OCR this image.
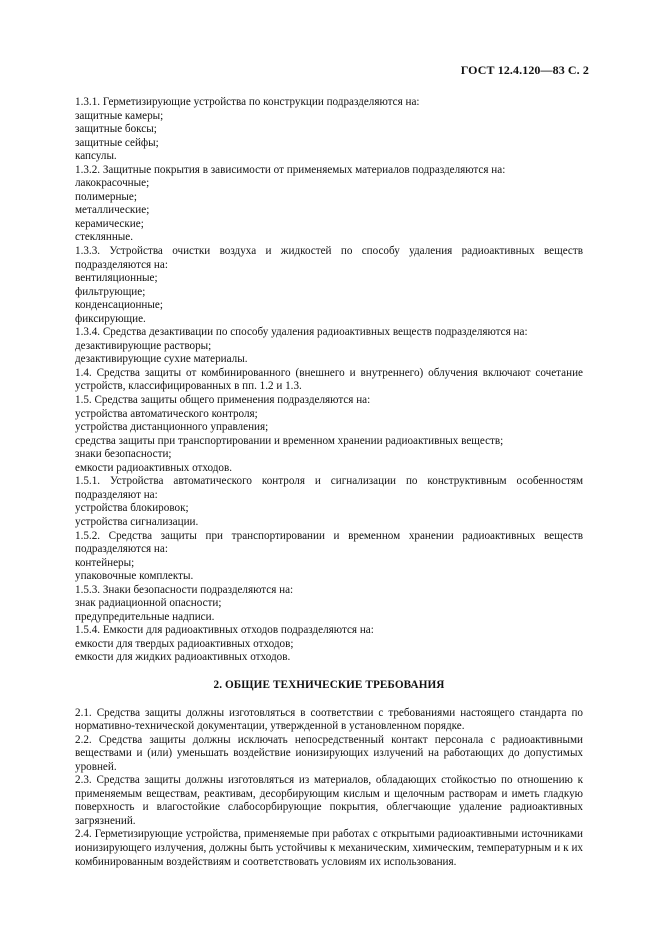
ГОСТ 12.4.120—83 С. 2

1.3.1. Герметизирующие устройства по конструкции подразделяются на:

защитные камеры;

защитные боксы;

защитные сейфы;

капсулы.

1.3.2. Защитные покрытия в зависимости от применяемых материалов подразделяются на:

лакокрасочные;

полимерные;

металлические;

керамические;

стеклянные.

1.3.3. Устройства очистки воздуха и жидкостей по способу удаления радиоактивных веществ подразделяются на:

вентиляционные;

фильтрующие;

конденсационные;

фиксирующие.

1.3.4. Средства дезактивации по способу удаления радиоактивных веществ подразделяются на:

дезактивирующие растворы;

дезактивирующие сухие материалы.

1.4. Средства защиты от комбинированного (внешнего и внутреннего) облучения включают сочетание устройств, классифицированных в пп. 1.2 и 1.3.

1.5. Средства защиты общего применения подразделяются на:

устройства автоматического контроля;

устройства дистанционного управления;

средства защиты при транспортировании и временном хранении радиоактивных веществ;

знаки безопасности;

емкости радиоактивных отходов.

1.5.1. Устройства автоматического контроля и сигнализации по конструктивным особенностям подразделяют на:

устройства блокировок;

устройства сигнализации.

1.5.2. Средства защиты при транспортировании и временном хранении радиоактивных веществ подразделяются на:

контейнеры;

упаковочные комплекты.

1.5.3. Знаки безопасности подразделяются на:

знак радиационной опасности;

предупредительные надписи.

1.5.4. Емкости для радиоактивных отходов подразделяются на:

емкости для твердых радиоактивных отходов;

емкости для жидких радиоактивных отходов.

2. ОБЩИЕ ТЕХНИЧЕСКИЕ ТРЕБОВАНИЯ

2.1. Средства защиты должны изготовляться в соответствии с требованиями настоящего стандарта по нормативно-технической документации, утвержденной в установленном порядке.

2.2. Средства защиты должны исключать непосредственный контакт персонала с радиоактивными веществами и (или) уменьшать воздействие ионизирующих излучений на работающих до допустимых уровней.

2.3. Средства защиты должны изготовляться из материалов, обладающих стойкостью по отношению к применяемым веществам, реактивам, десорбирующим кислым и щелочным растворам и иметь гладкую поверхность и влагостойкие слабосорбирующие покрытия, облегчающие удаление радиоактивных загрязнений.

2.4. Герметизирующие устройства, применяемые при работах с открытыми радиоактивными источниками ионизирующего излучения, должны быть устойчивы к механическим, химическим, температурным и к их комбинированным воздействиям и соответствовать условиям их использования.
